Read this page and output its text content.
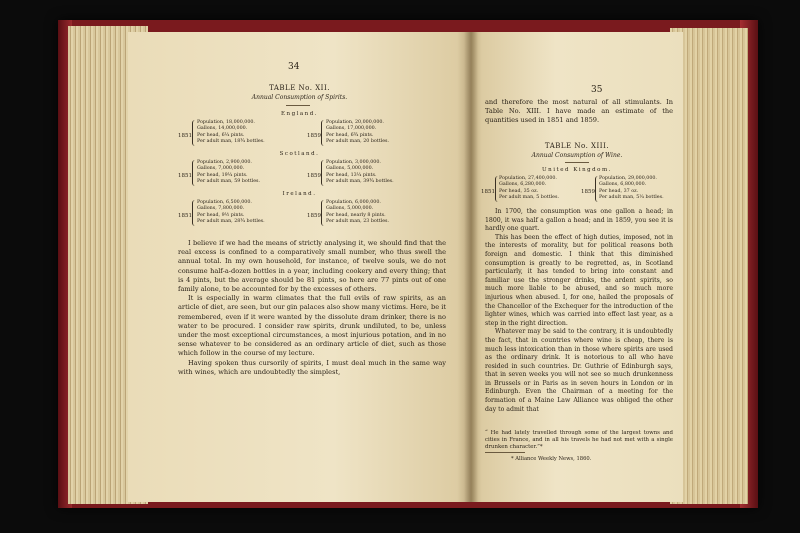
34
TABLE No. XII.
Annual Consumption of Spirits.
England.
1851
Population, 18,000,000.
Gallons, 14,000,000.
Per head, 6¼ pints.
Per adult man, 18¾ bottles.
1859
Population, 20,000,000.
Gallons, 17,000,000.
Per head, 6¾ pints.
Per adult man, 20 bottles.
Scotland.
1851
Population, 2,900,000.
Gallons, 7,000,000.
Per head, 19¼ pints.
Per adult man, 59 bottles.
1859
Population, 3,000,000.
Gallons, 5,000,000.
Per head, 13¼ pints.
Per adult man, 39¾ bottles.
Ireland.
1851
Population, 6,500,000.
Gallons, 7,800,000.
Per head, 9½ pints.
Per adult man, 28¾ bottles.
1859
Population, 6,000,000.
Gallons, 5,000,000.
Per head, nearly 8 pints.
Per adult man, 23 bottles.

I believe if we had the means of strictly analysing it, we should find that the real excess is confined to a comparatively small number, who thus swell the annual total. In my own household, for instance, of twelve souls, we do not consume half-a-dozen bottles in a year, including cookery and every thing; that is 4 pints, but the average should be 81 pints, so here are 77 pints out of one family alone, to be accounted for by the excesses of others.

It is especially in warm climates that the full evils of raw spirits, as an article of diet, are seen, but our gin palaces also show many victims. Here, be it remembered, even if it were wanted by the dissolute dram drinker, there is no water to be procured. I consider raw spirits, drunk undiluted, to be, unless under the most exceptional circumstances, a most injurious potation, and in no sense whatever to be considered as an ordinary article of diet, such as those which follow in the course of my lecture.

Having spoken thus cursorily of spirits, I must deal much in the same way with wines, which are undoubtedly the simplest,

35

and therefore the most natural of all stimulants. In Table No. XIII. I have made an estimate of the quantities used in 1851 and 1859.

TABLE No. XIII.
Annual Consumption of Wine.
United Kingdom.
1851
Population, 27,400,000.
Gallons, 6,280,000.
Per head, 35 oz.
Per adult man, 5 bottles.
1859
Population, 29,000,000.
Gallons, 6,800,000.
Per head, 37 oz.
Per adult man, 5¼ bottles.

In 1700, the consumption was one gallon a head; in 1800, it was half a gallon a head; and in 1859, you see it is hardly one quart.

This has been the effect of high duties, imposed, not in the interests of morality, but for political reasons both foreign and domestic. I think that this diminished consumption is greatly to be regretted, as, in Scotland particularly, it has tended to bring into constant and familiar use the stronger drinks, the ardent spirits, so much more liable to be abused, and so much more injurious when abused. I, for one, hailed the proposals of the Chancellor of the Exchequer for the introduction of the lighter wines, which was carried into effect last year, as a step in the right direction.

Whatever may be said to the contrary, it is undoubtedly the fact, that in countries where wine is cheap, there is much less intoxication than in those where spirits are used as the ordinary drink. It is notorious to all who have resided in such countries. Dr. Guthrie of Edinburgh says, that in seven weeks you will not see so much drunkenness in Brussels or in Paris as in seven hours in London or in Edinburgh. Even the Chairman of a meeting for the formation of a Maine Law Alliance was obliged the other day to admit that

“ He had lately travelled through some of the largest towns and cities in France, and in all his travels he had not met with a single drunken character.”*
* Alliance Weekly News, 1860.
